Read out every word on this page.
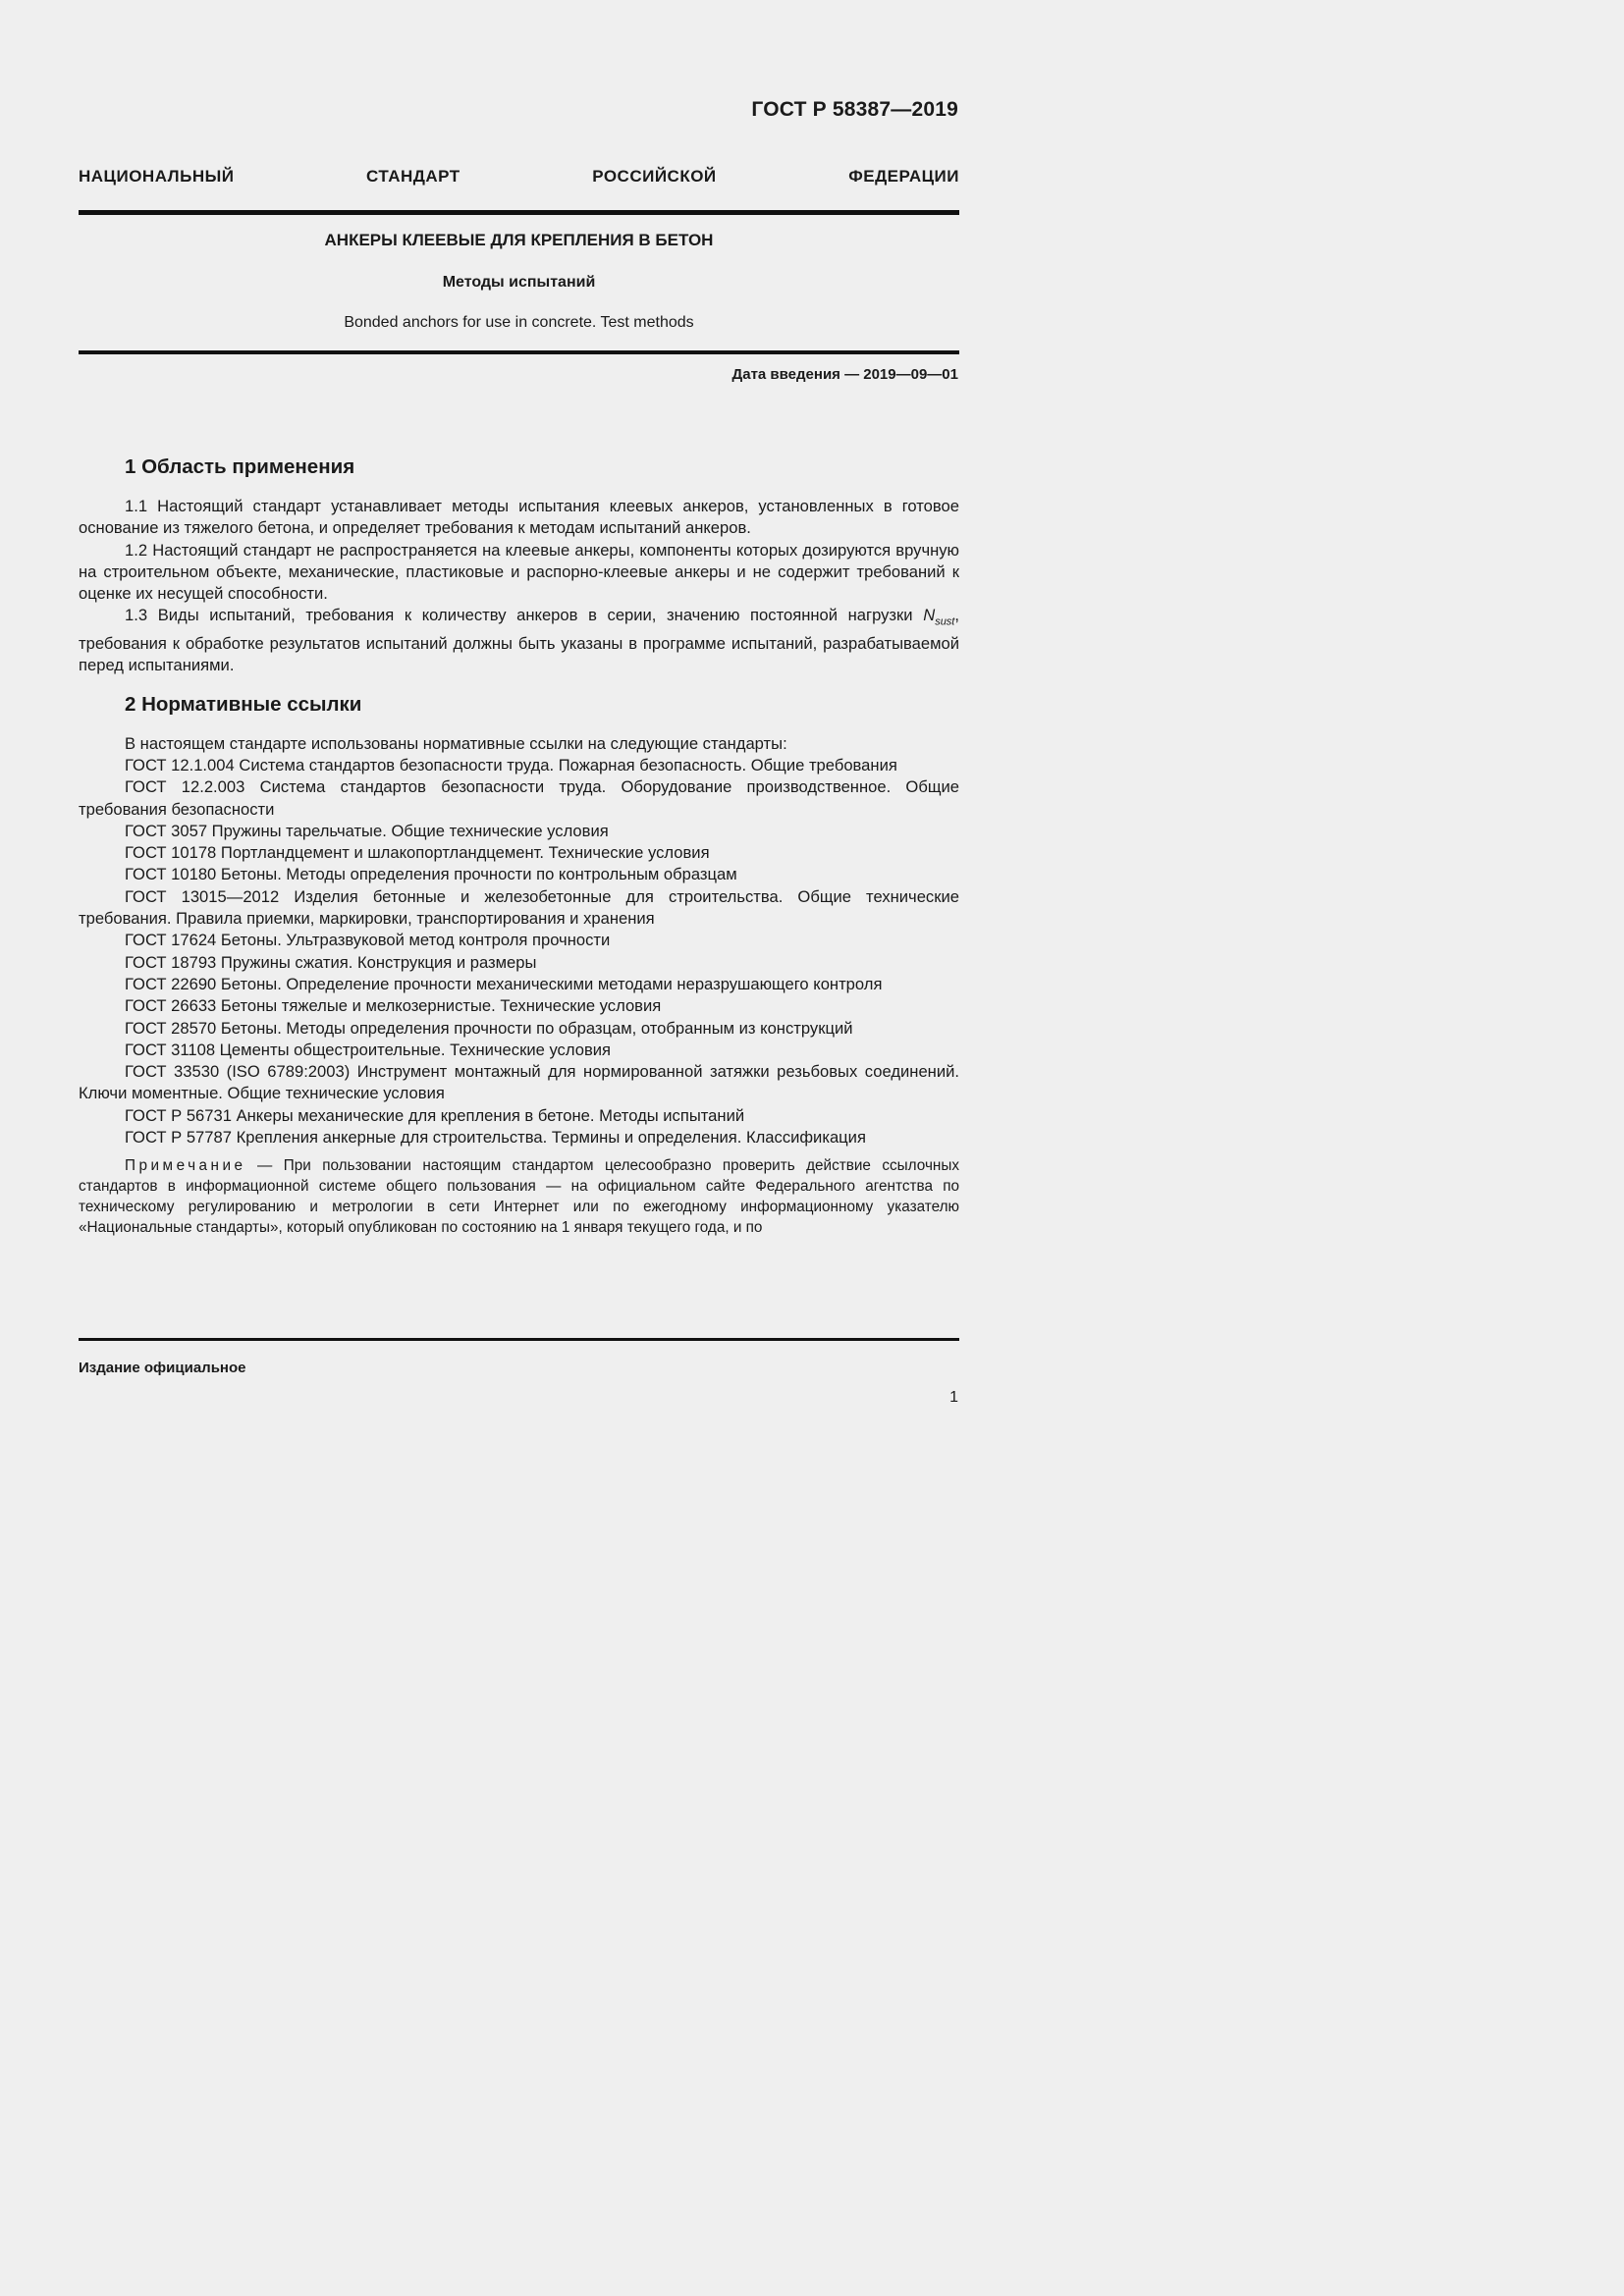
ГОСТ Р 58387—2019
НАЦИОНАЛЬНЫЙ СТАНДАРТ РОССИЙСКОЙ ФЕДЕРАЦИИ
АНКЕРЫ КЛЕЕВЫЕ ДЛЯ КРЕПЛЕНИЯ В БЕТОН
Методы испытаний
Bonded anchors for use in concrete. Test methods
Дата введения — 2019—09—01
1 Область применения

1.1 Настоящий стандарт устанавливает методы испытания клеевых анкеров, установленных в готовое основание из тяжелого бетона, и определяет требования к методам испытаний анкеров.

1.2 Настоящий стандарт не распространяется на клеевые анкеры, компоненты которых дозируются вручную на строительном объекте, механические, пластиковые и распорно-клеевые анкеры и не содержит требований к оценке их несущей способности.

1.3 Виды испытаний, требования к количеству анкеров в серии, значению постоянной нагрузки $N_{sust}$, требования к обработке результатов испытаний должны быть указаны в программе испытаний, разрабатываемой перед испытаниями.

2 Нормативные ссылки

В настоящем стандарте использованы нормативные ссылки на следующие стандарты:

ГОСТ 12.1.004 Система стандартов безопасности труда. Пожарная безопасность. Общие требования

ГОСТ 12.2.003 Система стандартов безопасности труда. Оборудование производственное. Общие требования безопасности

ГОСТ 3057 Пружины тарельчатые. Общие технические условия

ГОСТ 10178 Портландцемент и шлакопортландцемент. Технические условия

ГОСТ 10180 Бетоны. Методы определения прочности по контрольным образцам

ГОСТ 13015—2012 Изделия бетонные и железобетонные для строительства. Общие технические требования. Правила приемки, маркировки, транспортирования и хранения

ГОСТ 17624 Бетоны. Ультразвуковой метод контроля прочности

ГОСТ 18793 Пружины сжатия. Конструкция и размеры

ГОСТ 22690 Бетоны. Определение прочности механическими методами неразрушающего контроля

ГОСТ 26633 Бетоны тяжелые и мелкозернистые. Технические условия

ГОСТ 28570 Бетоны. Методы определения прочности по образцам, отобранным из конструкций

ГОСТ 31108 Цементы общестроительные. Технические условия

ГОСТ 33530 (ISO 6789:2003) Инструмент монтажный для нормированной затяжки резьбовых соединений. Ключи моментные. Общие технические условия

ГОСТ Р 56731 Анкеры механические для крепления в бетоне. Методы испытаний

ГОСТ Р 57787 Крепления анкерные для строительства. Термины и определения. Классификация

Примечание — При пользовании настоящим стандартом целесообразно проверить действие ссылочных стандартов в информационной системе общего пользования — на официальном сайте Федерального агентства по техническому регулированию и метрологии в сети Интернет или по ежегодному информационному указателю «Национальные стандарты», который опубликован по состоянию на 1 января текущего года, и по

Издание официальное
1
